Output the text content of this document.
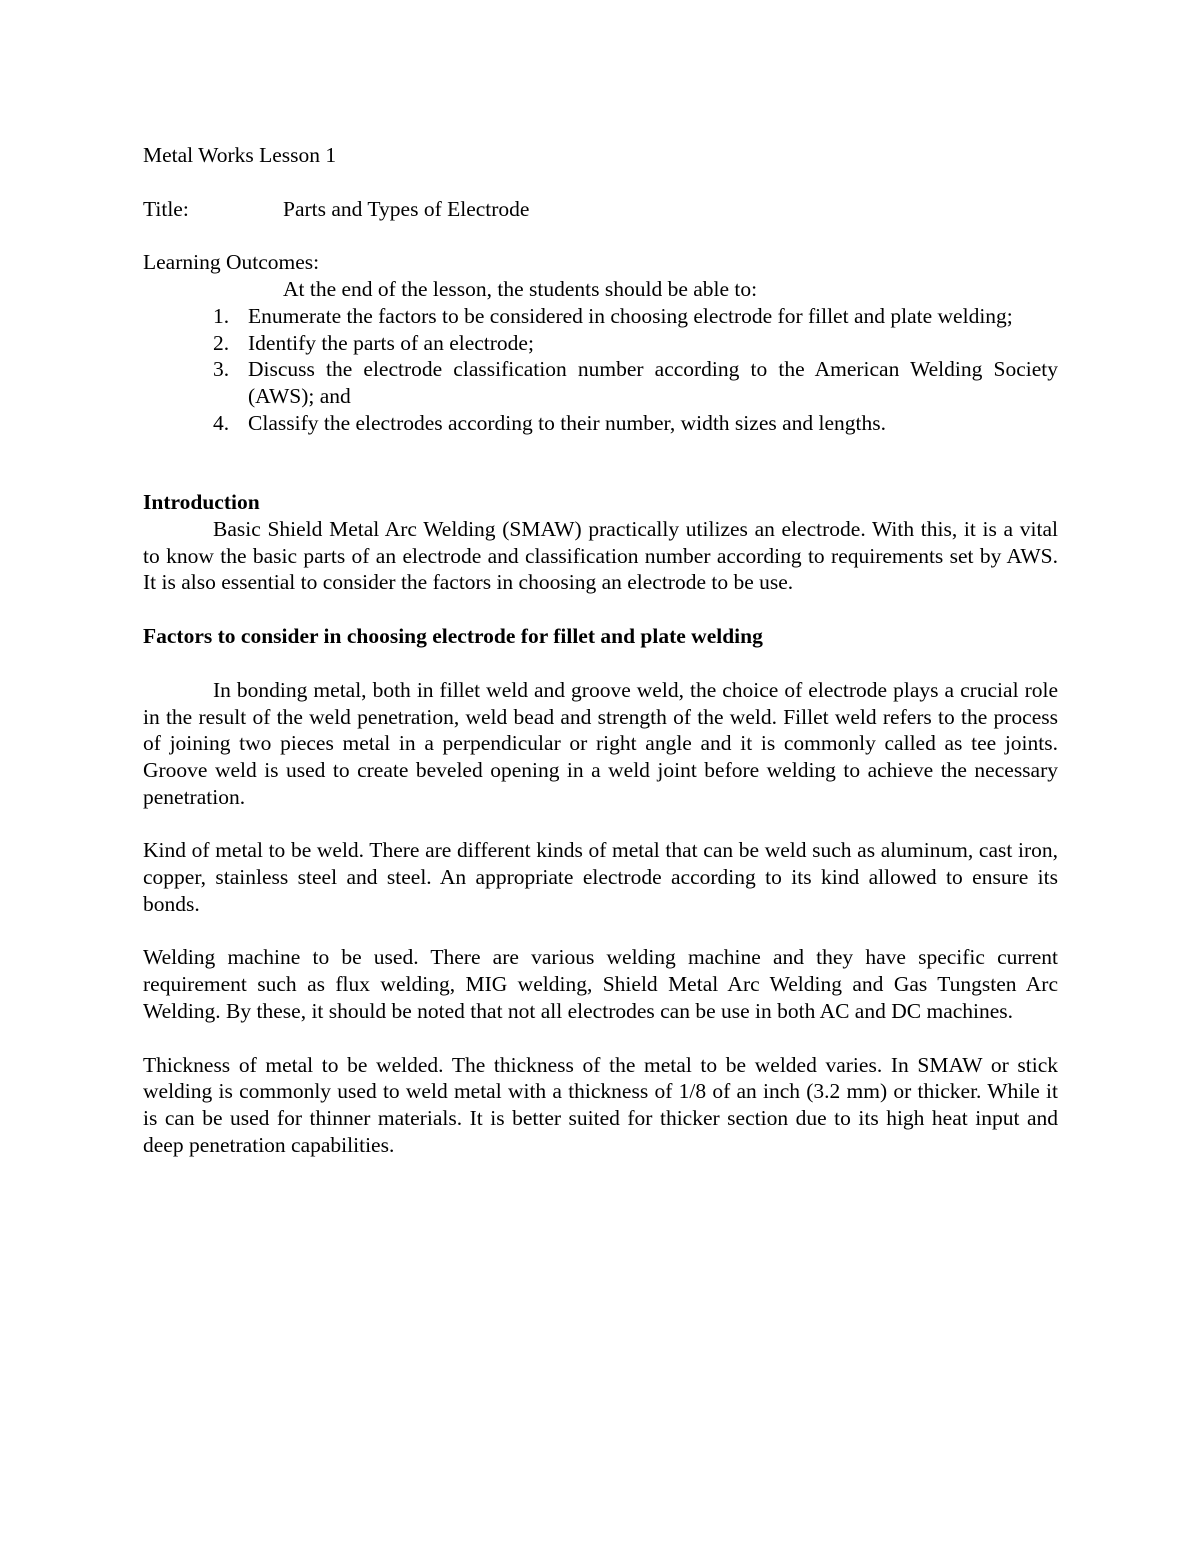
Metal Works Lesson 1

Title:	Parts and Types of Electrode

Learning Outcomes:

At the end of the lesson, the students should be able to:

1. Enumerate the factors to be considered in choosing electrode for fillet and plate welding;
2. Identify the parts of an electrode;
3. Discuss the electrode classification number according to the American Welding Society (AWS); and
4. Classify the electrodes according to their number, width sizes and lengths.

Introduction

Basic Shield Metal Arc Welding (SMAW) practically utilizes an electrode. With this, it is a vital to know the basic parts of an electrode and classification number according to requirements set by AWS. It is also essential to consider the factors in choosing an electrode to be use.

Factors to consider in choosing electrode for fillet and plate welding

In bonding metal, both in fillet weld and groove weld, the choice of electrode plays a crucial role in the result of the weld penetration, weld bead and strength of the weld. Fillet weld refers to the process of joining two pieces metal in a perpendicular or right angle and it is commonly called as tee joints. Groove weld is used to create beveled opening in a weld joint before welding to achieve the necessary penetration.

Kind of metal to be weld. There are different kinds of metal that can be weld such as aluminum, cast iron, copper, stainless steel and steel. An appropriate electrode according to its kind allowed to ensure its bonds.

Welding machine to be used. There are various welding machine and they have specific current requirement such as flux welding, MIG welding, Shield Metal Arc Welding and Gas Tungsten Arc Welding. By these, it should be noted that not all electrodes can be use in both AC and DC machines.

Thickness of metal to be welded. The thickness of the metal to be welded varies. In SMAW or stick welding is commonly used to weld metal with a thickness of 1/8 of an inch (3.2 mm) or thicker. While it is can be used for thinner materials. It is better suited for thicker section due to its high heat input and deep penetration capabilities.
